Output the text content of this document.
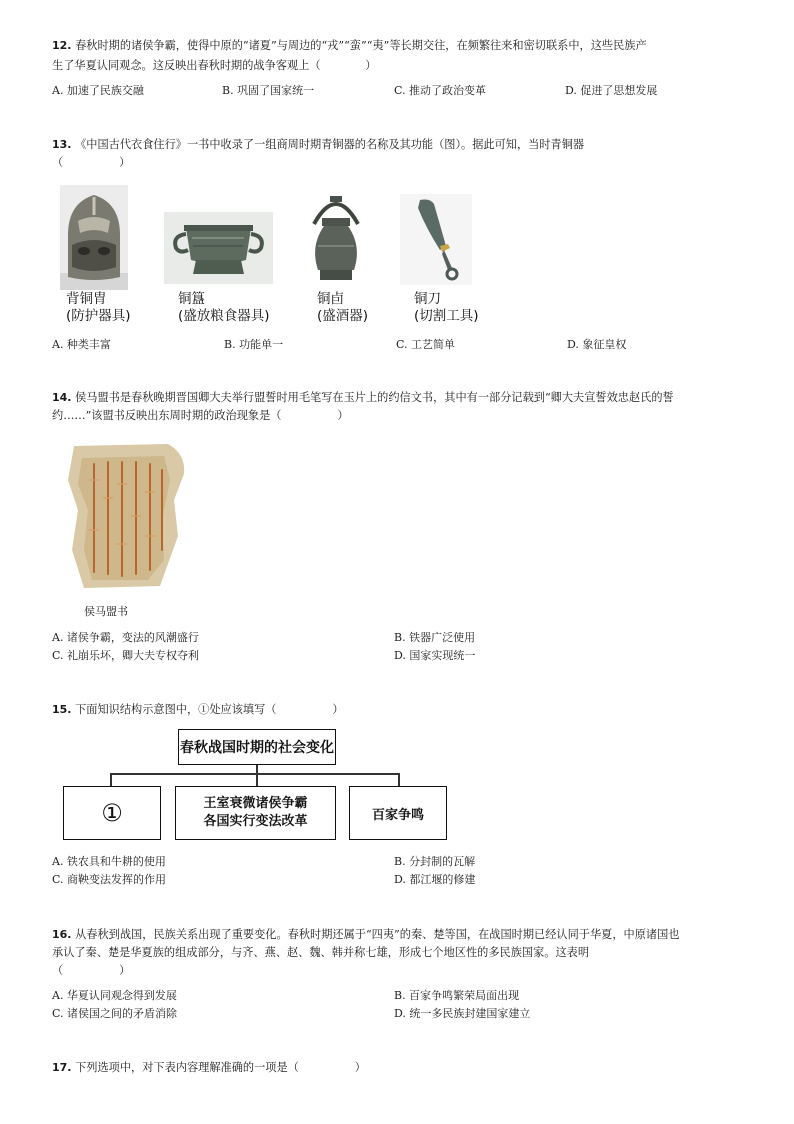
12. 春秋时期的诸侯争霸，使得中原的“诸夏”与周边的“戎”“蛮”“夷”等长期交往，在频繁往来和密切联系中，这些民族产
生了华夏认同观念。这反映出春秋时期的战争客观上（　　　　）
A. 加速了民族交融	B. 巩固了国家统一	C. 推动了政治变革	D. 促进了思想发展
13. 《中国古代衣食住行》一书中收录了一组商周时期青铜器的名称及其功能（图）。据此可知，当时青铜器
（　　　　　）
背铜胄
(防护器具)
铜簋
(盛放粮食器具)
铜卣
(盛酒器)
铜刀
(切割工具)
A. 种类丰富	B. 功能单一	C. 工艺简单	D. 象征皇权
14. 侯马盟书是春秋晚期晋国卿大夫举行盟誓时用毛笔写在玉片上的约信文书，其中有一部分记载到“卿大夫宣誓效忠赵氏的誓
约……”该盟书反映出东周时期的政治现象是（　　　　　）
侯马盟书
A. 诸侯争霸，变法的风潮盛行	B. 铁器广泛使用
C. 礼崩乐坏，卿大夫专权夺利	D. 国家实现统一
15. 下面知识结构示意图中，①处应该填写（　　　　　）
春秋战国时期的社会变化
①	王室衰微诸侯争霸
各国实行变法改革	百家争鸣
A. 铁农具和牛耕的使用	B. 分封制的瓦解
C. 商鞅变法发挥的作用	D. 都江堰的修建
16. 从春秋到战国，民族关系出现了重要变化。春秋时期还属于“四夷”的秦、楚等国，在战国时期已经认同于华夏，中原诸国也
承认了秦、楚是华夏族的组成部分，与齐、燕、赵、魏、韩并称七雄，形成七个地区性的多民族国家。这表明
（　　　　　）
A. 华夏认同观念得到发展	B. 百家争鸣繁荣局面出现
C. 诸侯国之间的矛盾消除	D. 统一多民族封建国家建立
17. 下列选项中，对下表内容理解准确的一项是（　　　　　）
